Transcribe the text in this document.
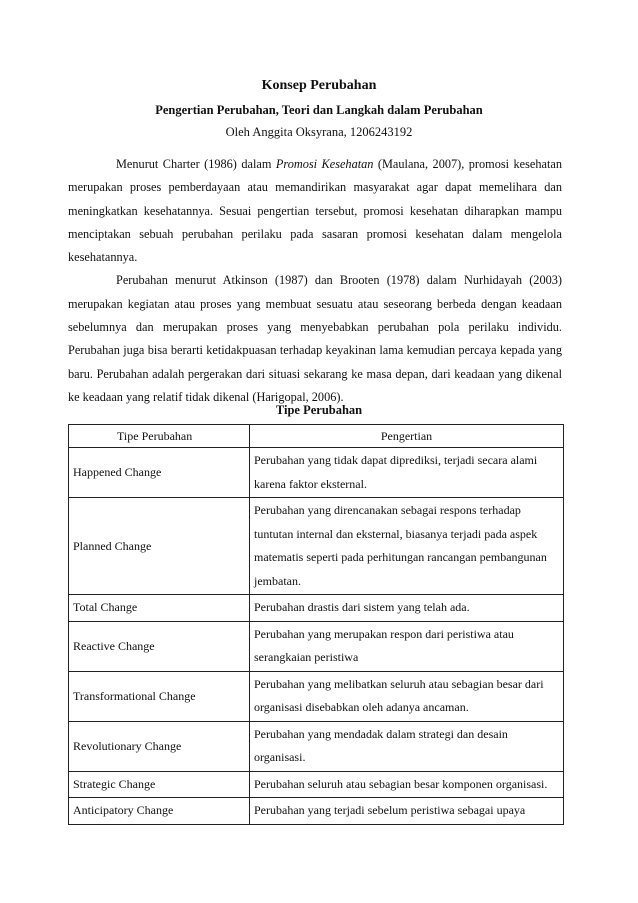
Konsep Perubahan
Pengertian Perubahan, Teori dan Langkah dalam Perubahan
Oleh Anggita Oksyrana, 1206243192

Menurut Charter (1986) dalam Promosi Kesehatan (Maulana, 2007), promosi kesehatan merupakan proses pemberdayaan atau memandirikan masyarakat agar dapat memelihara dan meningkatkan kesehatannya. Sesuai pengertian tersebut, promosi kesehatan diharapkan mampu menciptakan sebuah perubahan perilaku pada sasaran promosi kesehatan dalam mengelola kesehatannya.

Perubahan menurut Atkinson (1987) dan Brooten (1978) dalam Nurhidayah (2003) merupakan kegiatan atau proses yang membuat sesuatu atau seseorang berbeda dengan keadaan sebelumnya dan merupakan proses yang menyebabkan perubahan pola perilaku individu. Perubahan juga bisa berarti ketidakpuasan terhadap keyakinan lama kemudian percaya kepada yang baru. Perubahan adalah pergerakan dari situasi sekarang ke masa depan, dari keadaan yang dikenal ke keadaan yang relatif tidak dikenal (Harigopal, 2006).

Tipe Perubahan
Tipe Perubahan	Pengertian
Happened Change	Perubahan yang tidak dapat diprediksi, terjadi secara alami karena faktor eksternal.
Planned Change	Perubahan yang direncanakan sebagai respons terhadap tuntutan internal dan eksternal, biasanya terjadi pada aspek matematis seperti pada perhitungan rancangan pembangunan jembatan.
Total Change	Perubahan drastis dari sistem yang telah ada.
Reactive Change	Perubahan yang merupakan respon dari peristiwa atau serangkaian peristiwa
Transformational Change	Perubahan yang melibatkan seluruh atau sebagian besar dari organisasi disebabkan oleh adanya ancaman.
Revolutionary Change	Perubahan yang mendadak dalam strategi dan desain organisasi.
Strategic Change	Perubahan seluruh atau sebagian besar komponen organisasi.
Anticipatory Change	Perubahan yang terjadi sebelum peristiwa sebagai upaya
